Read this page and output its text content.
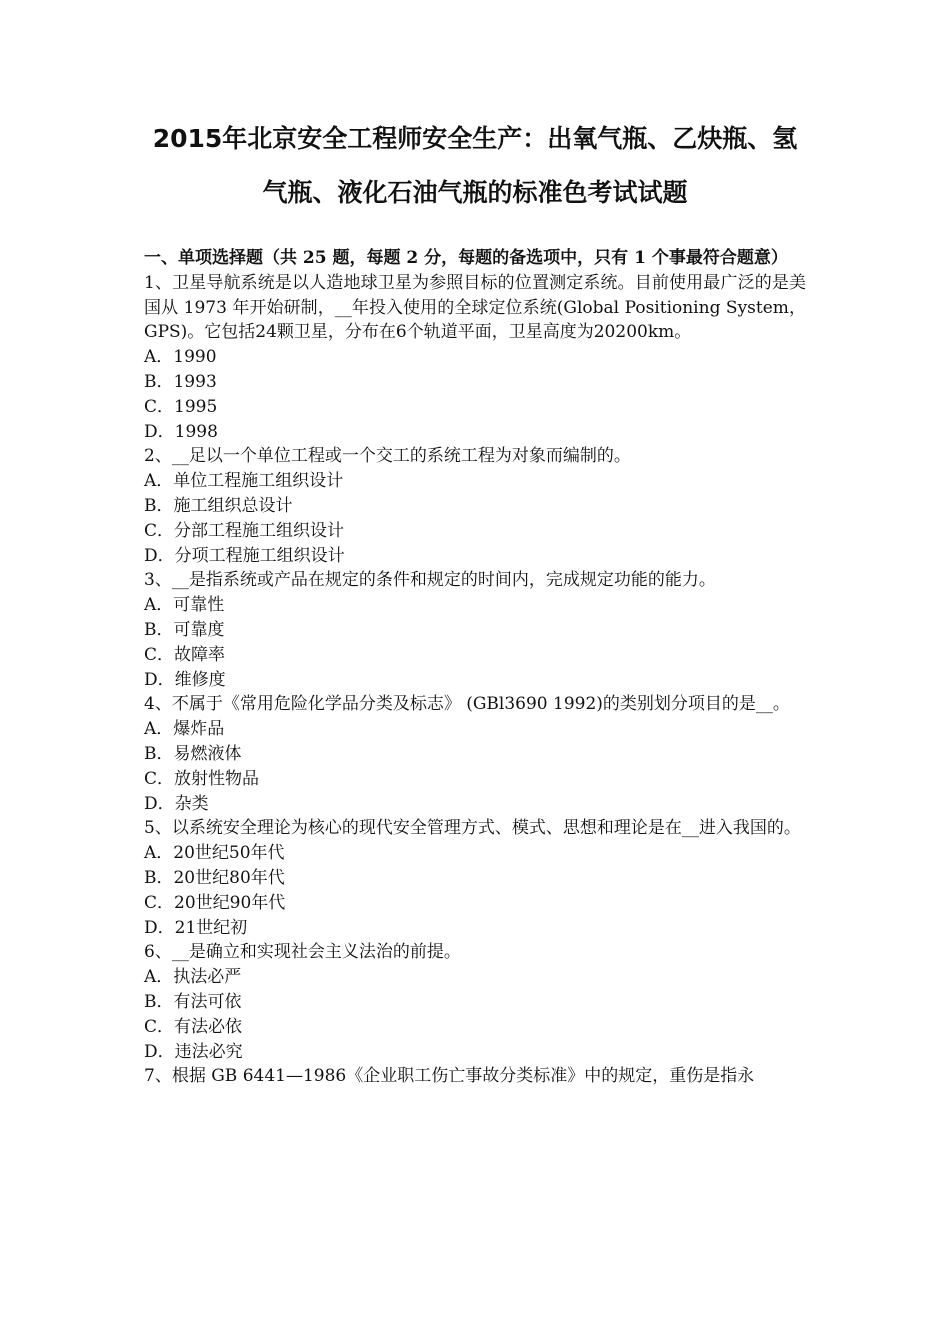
2015年北京安全工程师安全生产：出氧气瓶、乙炔瓶、氢
气瓶、液化石油气瓶的标准色考试试题

一、单项选择题（共 25 题，每题 2 分，每题的备选项中，只有 1 个事最符合题意）

1、卫星导航系统是以人造地球卫星为参照目标的位置测定系统。目前使用最广泛的是美国从 1973 年开始研制，__年投入使用的全球定位系统(Global Positioning System，GPS)。它包括24颗卫星，分布在6个轨道平面，卫星高度为20200km。

A．1990

B．1993

C．1995

D．1998

2、__足以一个单位工程或一个交工的系统工程为对象而编制的。

A．单位工程施工组织设计

B．施工组织总设计

C．分部工程施工组织设计

D．分项工程施工组织设计

3、__是指系统或产品在规定的条件和规定的时间内，完成规定功能的能力。

A．可靠性

B．可靠度

C．故障率

D．维修度

4、不属于《常用危险化学品分类及标志》 (GBl3690 1992)的类别划分项目的是__。

A．爆炸品

B．易燃液体

C．放射性物品

D．杂类

5、以系统安全理论为核心的现代安全管理方式、模式、思想和理论是在__进入我国的。

A．20世纪50年代

B．20世纪80年代

C．20世纪90年代

D．21世纪初

6、__是确立和实现社会主义法治的前提。

A．执法必严

B．有法可依

C．有法必依

D．违法必究

7、根据 GB 6441—1986《企业职工伤亡事故分类标准》中的规定，重伤是指永
